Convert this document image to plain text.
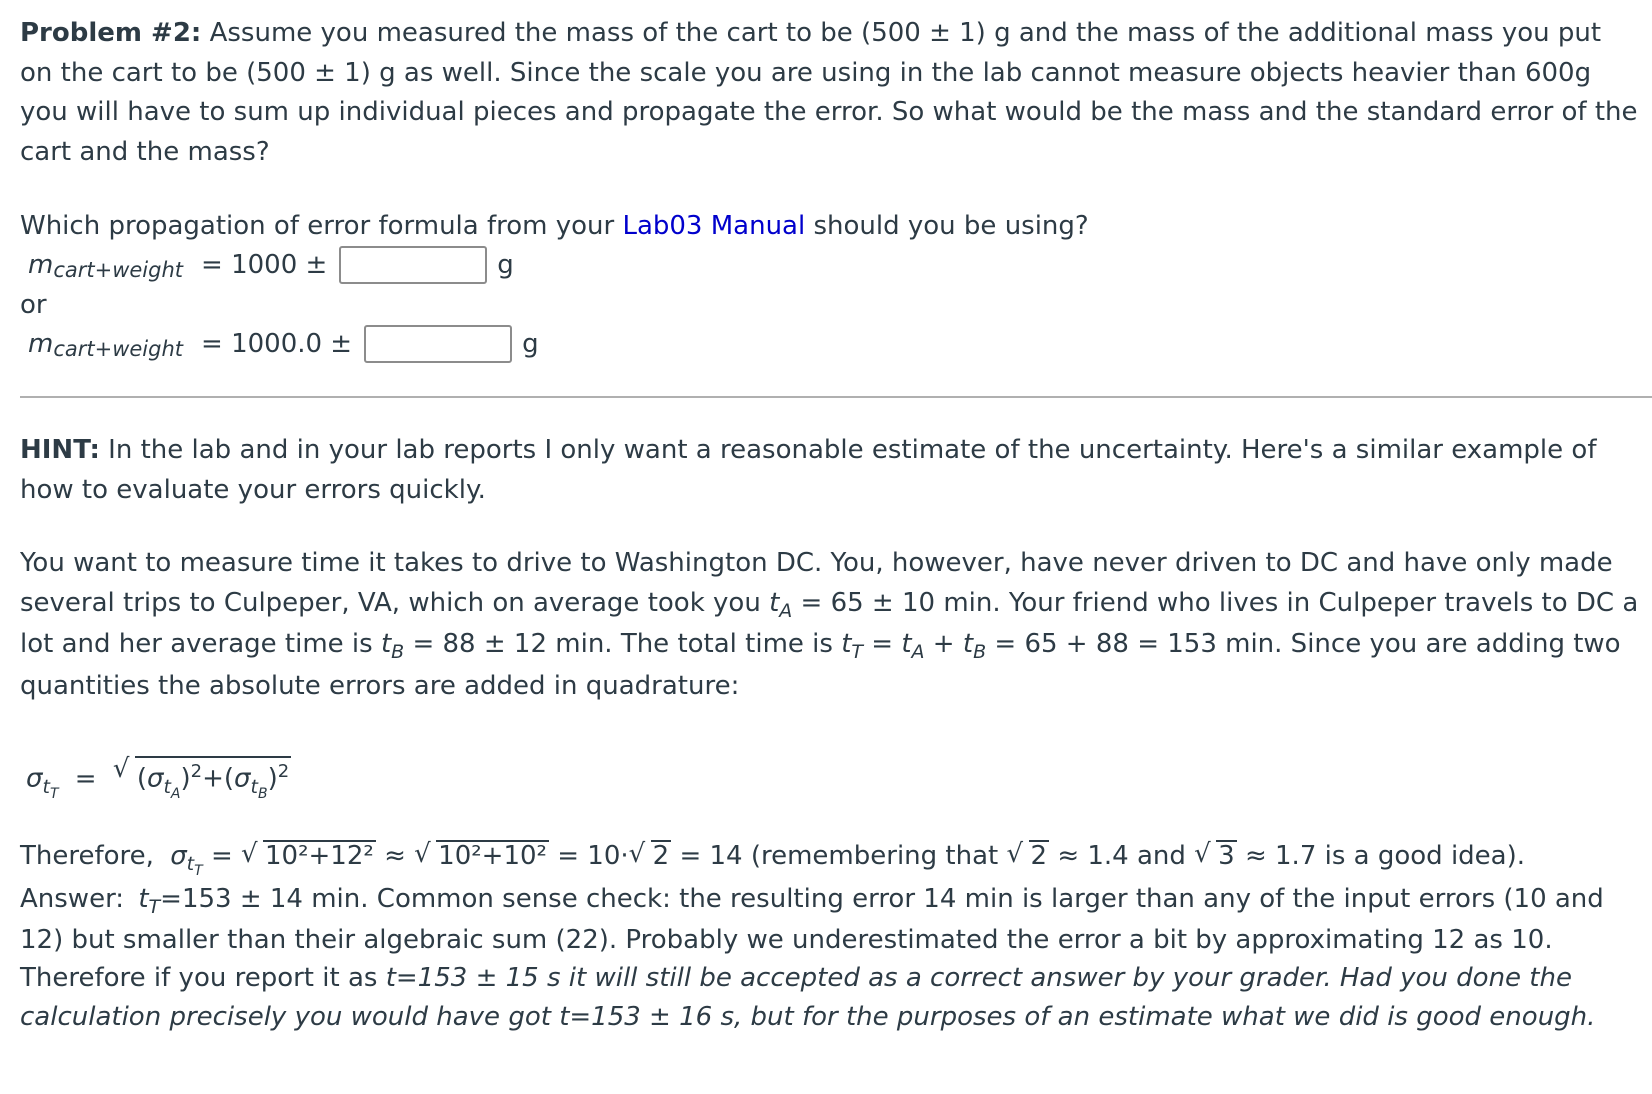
Problem #2: Assume you measured the mass of the cart to be (500 ± 1) g and the mass of the additional mass you put on the cart to be (500 ± 1) g as well. Since the scale you are using in the lab cannot measure objects heavier than 600g you will have to sum up individual pieces and propagate the error. So what would be the mass and the standard error of the cart and the mass?

Which propagation of error formula from your Lab03 Manual should you be using?

m cart+weight = 1000 ±	g

or

m cart+weight = 1000.0 ±	g

HINT: In the lab and in your lab reports I only want a reasonable estimate of the uncertainty. Here's a similar example of how to evaluate your errors quickly.

You want to measure time it takes to drive to Washington DC. You, however, have never driven to DC and have only made several trips to Culpeper, VA, which on average took you $t_A = 65 \pm 10$ min. Your friend who lives in Culpeper travels to DC a lot and her average time is $t_B = 88 \pm 12$ min. The total time is $t_T = t_A + t_B = 65 + 88 = 153$ min. Since you are adding two quantities the absolute errors are added in quadrature:

$\sigma_{t_T}$ = √ $(\sigma_{t_A})^2+(\sigma_{t_B})^2$
Therefore, $\sigma_{t_T}$ = √ 10²+12² ≈ √ 10²+10² = 10· √ 2 = 14 (remembering that √ 2 ≈ 1.4 and √ 3 ≈ 1.7 is a good idea).

Answer: $t_T=153 \pm 14$ min. Common sense check: the resulting error 14 min is larger than any of the input errors (10 and 12) but smaller than their algebraic sum (22). Probably we underestimated the error a bit by approximating 12 as 10. Therefore if you report it as t=153 ± 15 s it will still be accepted as a correct answer by your grader. Had you done the calculation precisely you would have got t=153 ± 16 s, but for the purposes of an estimate what we did is good enough.
